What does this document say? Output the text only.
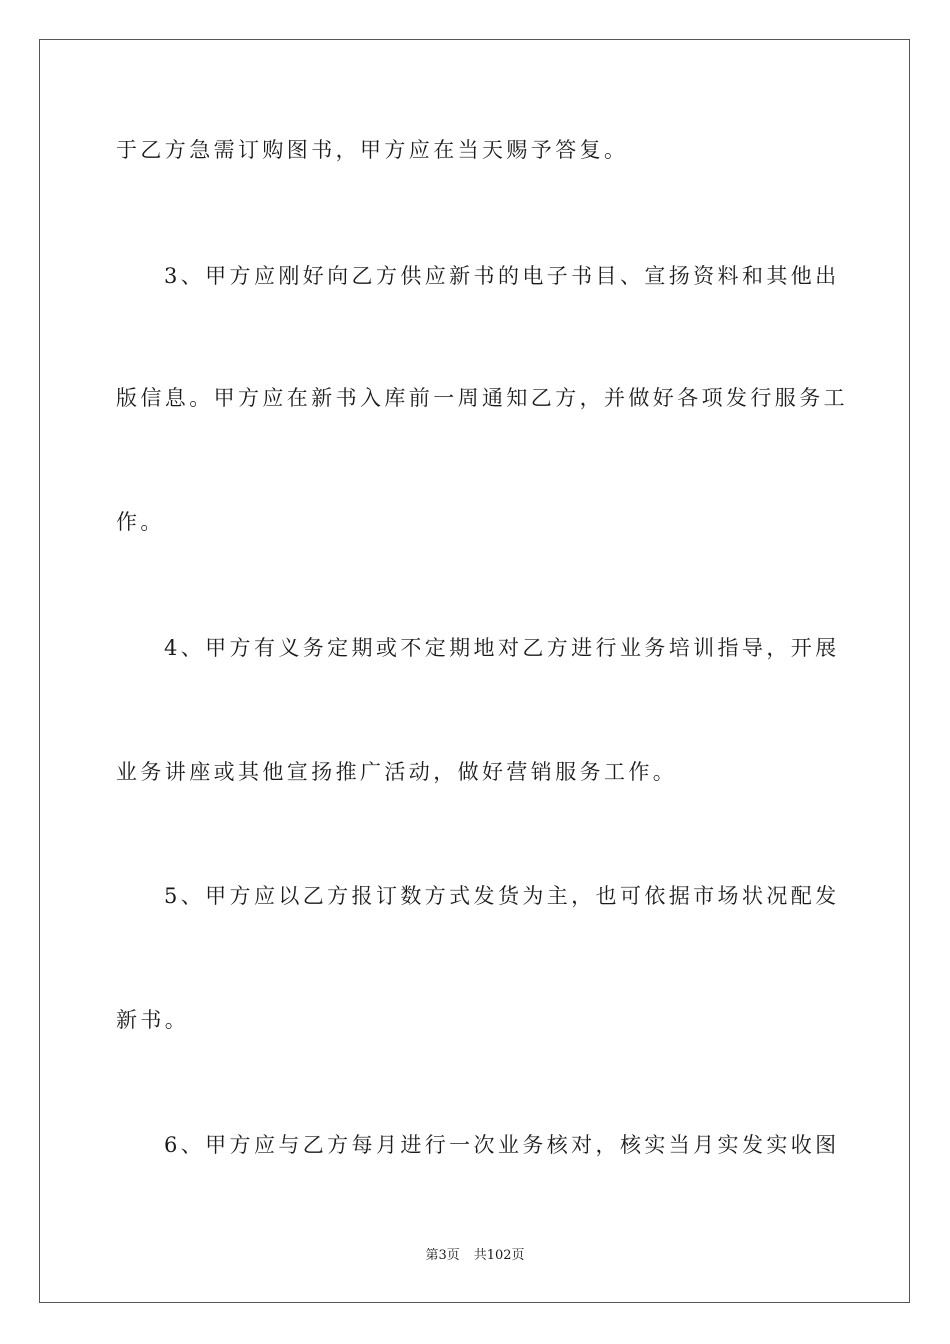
于乙方急需订购图书，甲方应在当天赐予答复。
3、甲方应刚好向乙方供应新书的电子书目、宣扬资料和其他出
版信息。甲方应在新书入库前一周通知乙方，并做好各项发行服务工
作。
4、甲方有义务定期或不定期地对乙方进行业务培训指导，开展
业务讲座或其他宣扬推广活动，做好营销服务工作。
5、甲方应以乙方报订数方式发货为主，也可依据市场状况配发
新书。
6、甲方应与乙方每月进行一次业务核对，核实当月实发实收图
第3页 共102页
